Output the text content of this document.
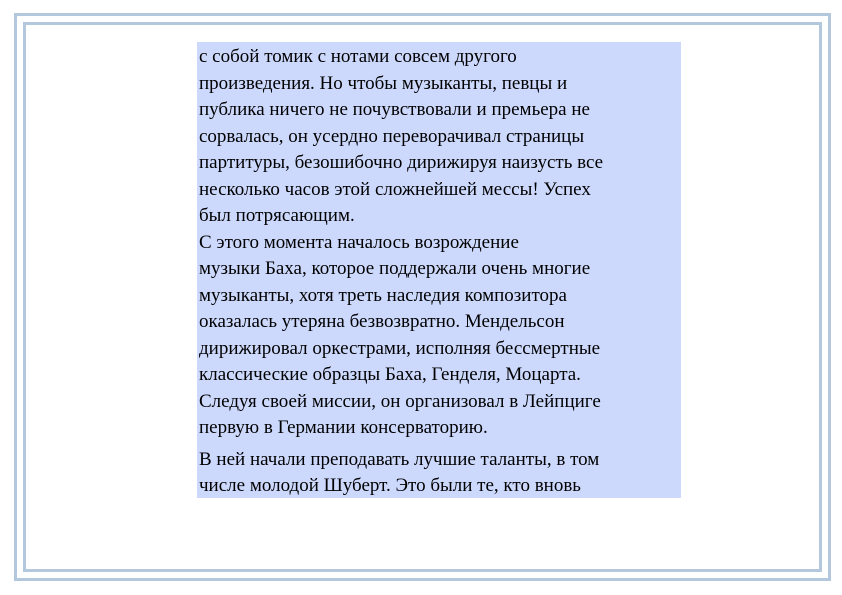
с собой томик с нотами совсем другого
произведения. Но чтобы музыканты, певцы и
публика ничего не почувствовали и премьера не
сорвалась, он усердно переворачивал страницы
партитуры, безошибочно дирижируя наизусть все
несколько часов этой сложнейшей мессы! Успех
был потрясающим.
С этого момента началось возрождение
музыки Баха, которое поддержали очень многие
музыканты, хотя треть наследия композитора
оказалась утеряна безвозвратно. Мендельсон
дирижировал оркестрами, исполняя бессмертные
классические образцы Баха, Генделя, Моцарта.
Следуя своей миссии, он организовал в Лейпциге
первую в Германии консерваторию.
В ней начали преподавать лучшие таланты, в том
числе молодой Шуберт. Это были те, кто вновь
